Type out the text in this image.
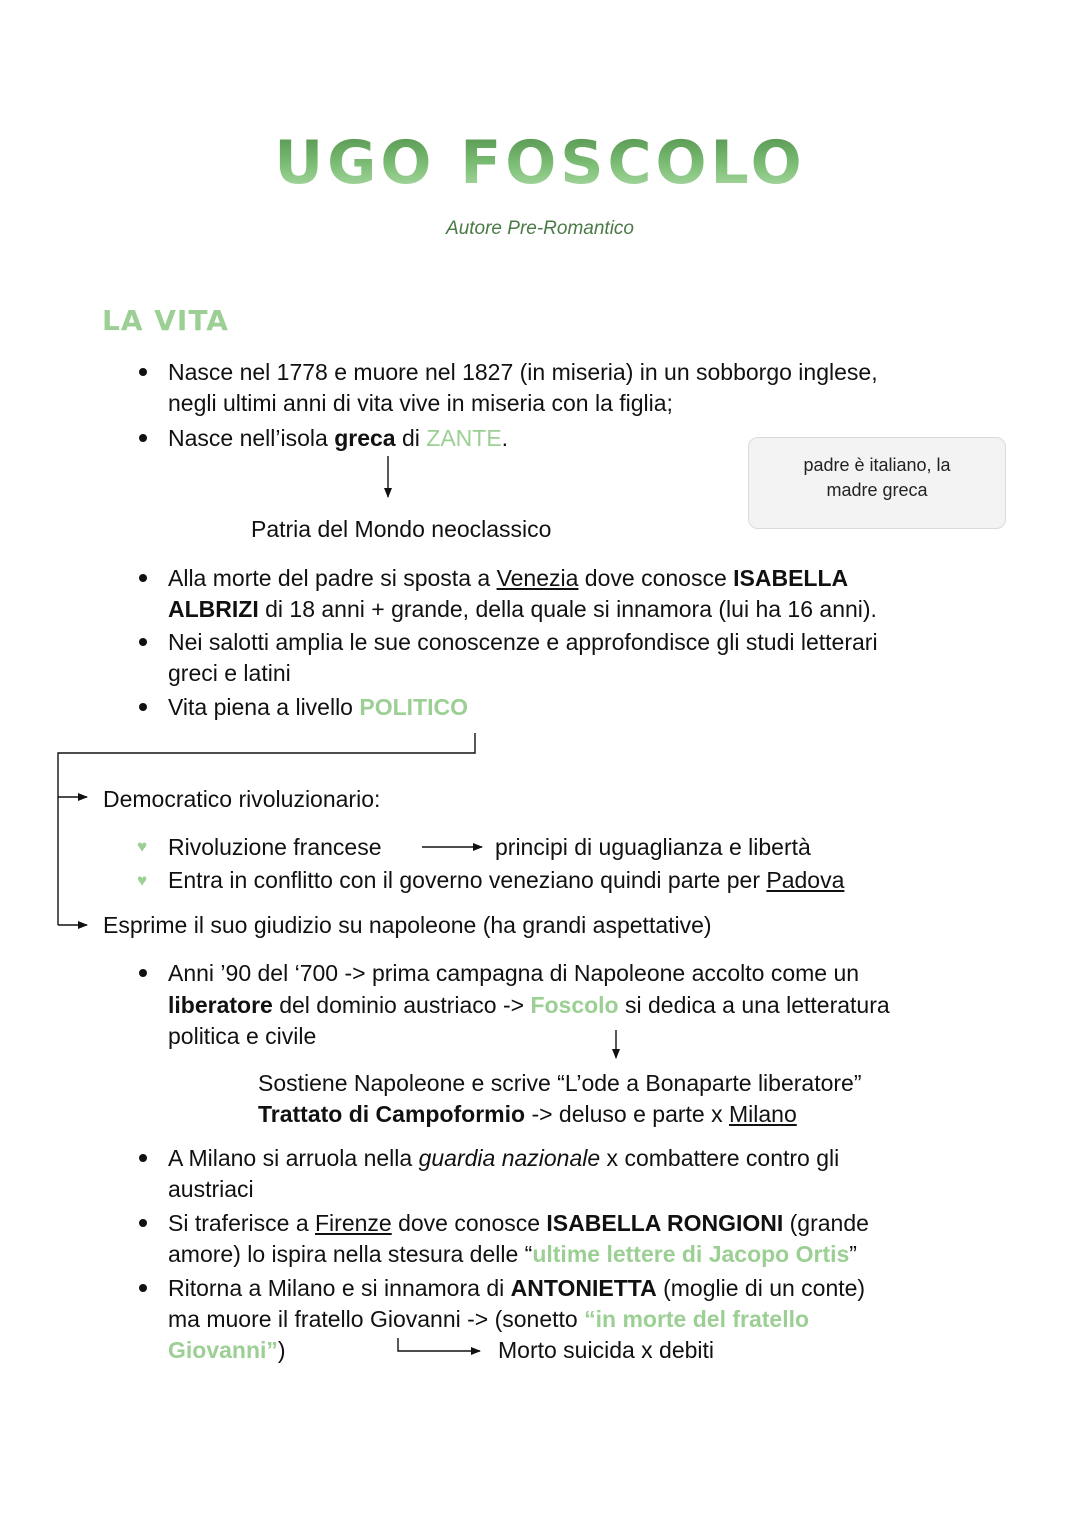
UGO FOSCOLO
Autore Pre-Romantico
LA VITA
Nasce nel 1778 e muore nel 1827 (in miseria) in un sobborgo inglese,
negli ultimi anni di vita vive in miseria con la figlia;
Nasce nell’isola greca di ZANTE.
padre è italiano, la
madre greca
Patria del Mondo neoclassico
Alla morte del padre si sposta a Venezia dove conosce ISABELLA
ALBRIZI di 18 anni + grande, della quale si innamora (lui ha 16 anni).
Nei salotti amplia le sue conoscenze e approfondisce gli studi letterari
greci e latini
Vita piena a livello POLITICO
Democratico rivoluzionario:
♥ Rivoluzione francese	principi di uguaglianza e libertà
♥ Entra in conflitto con il governo veneziano quindi parte per Padova
Esprime il suo giudizio su napoleone (ha grandi aspettative)
Anni ’90 del ‘700 -> prima campagna di Napoleone accolto come un
liberatore del dominio austriaco -> Foscolo si dedica a una letteratura
politica e civile
Sostiene Napoleone e scrive “L’ode a Bonaparte liberatore”
Trattato di Campoformio -> deluso e parte x Milano
A Milano si arruola nella guardia nazionale x combattere contro gli
austriaci
Si traferisce a Firenze dove conosce ISABELLA RONGIONI (grande
amore) lo ispira nella stesura delle “ultime lettere di Jacopo Ortis”
Ritorna a Milano e si innamora di ANTONIETTA (moglie di un conte)
ma muore il fratello Giovanni -> (sonetto “in morte del fratello
Giovanni”)	Morto suicida x debiti
